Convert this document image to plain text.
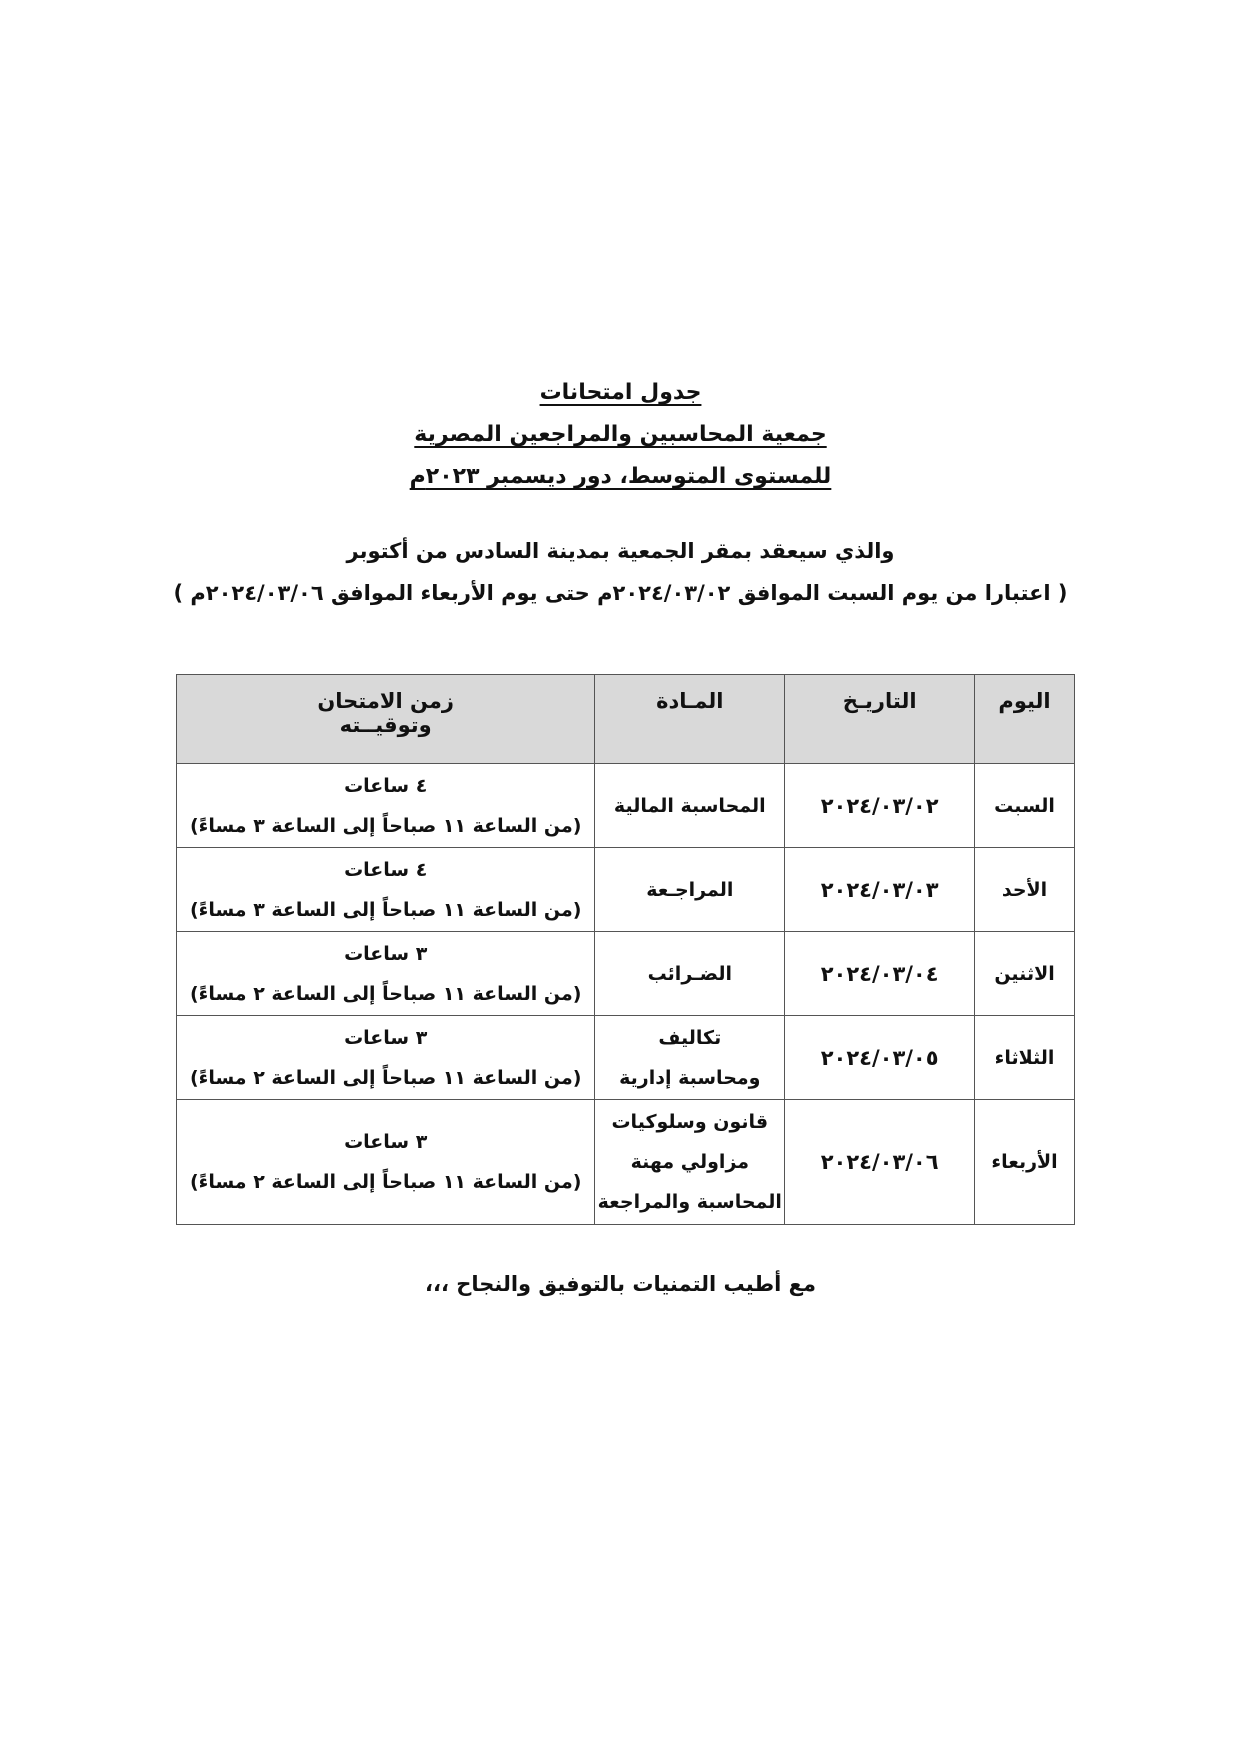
جدول امتحانات
جمعية المحاسبين والمراجعين المصرية
للمستوى المتوسط، دور ديسمبر ٢٠٢٣م
والذي سيعقد بمقر الجمعية بمدينة السادس من أكتوبر
( اعتبارا من يوم السبت الموافق ٢٠٢٤/٠٣/٠٢م حتى يوم الأربعاء الموافق ٢٠٢٤/٠٣/٠٦م )
اليوم	التاريـخ	المـادة	زمن الامتحان
وتوقيــته

السبت	٢٠٢٤/٠٣/٠٢	المحاسبة المالية	٤ ساعات
(من الساعة ١١ صباحاً إلى الساعة ٣ مساءً)

الأحد	٢٠٢٤/٠٣/٠٣	المراجـعة	٤ ساعات
(من الساعة ١١ صباحاً إلى الساعة ٣ مساءً)

الاثنين	٢٠٢٤/٠٣/٠٤	الضـرائب	٣ ساعات
(من الساعة ١١ صباحاً إلى الساعة ٢ مساءً)

الثلاثاء	٢٠٢٤/٠٣/٠٥	تكاليف
ومحاسبة إدارية	٣ ساعات
(من الساعة ١١ صباحاً إلى الساعة ٢ مساءً)

الأربعاء	٢٠٢٤/٠٣/٠٦	قانون وسلوكيات
مزاولي مهنة
المحاسبة والمراجعة	٣ ساعات
(من الساعة ١١ صباحاً إلى الساعة ٢ مساءً)
مع أطيب التمنيات بالتوفيق والنجاح ،،،
